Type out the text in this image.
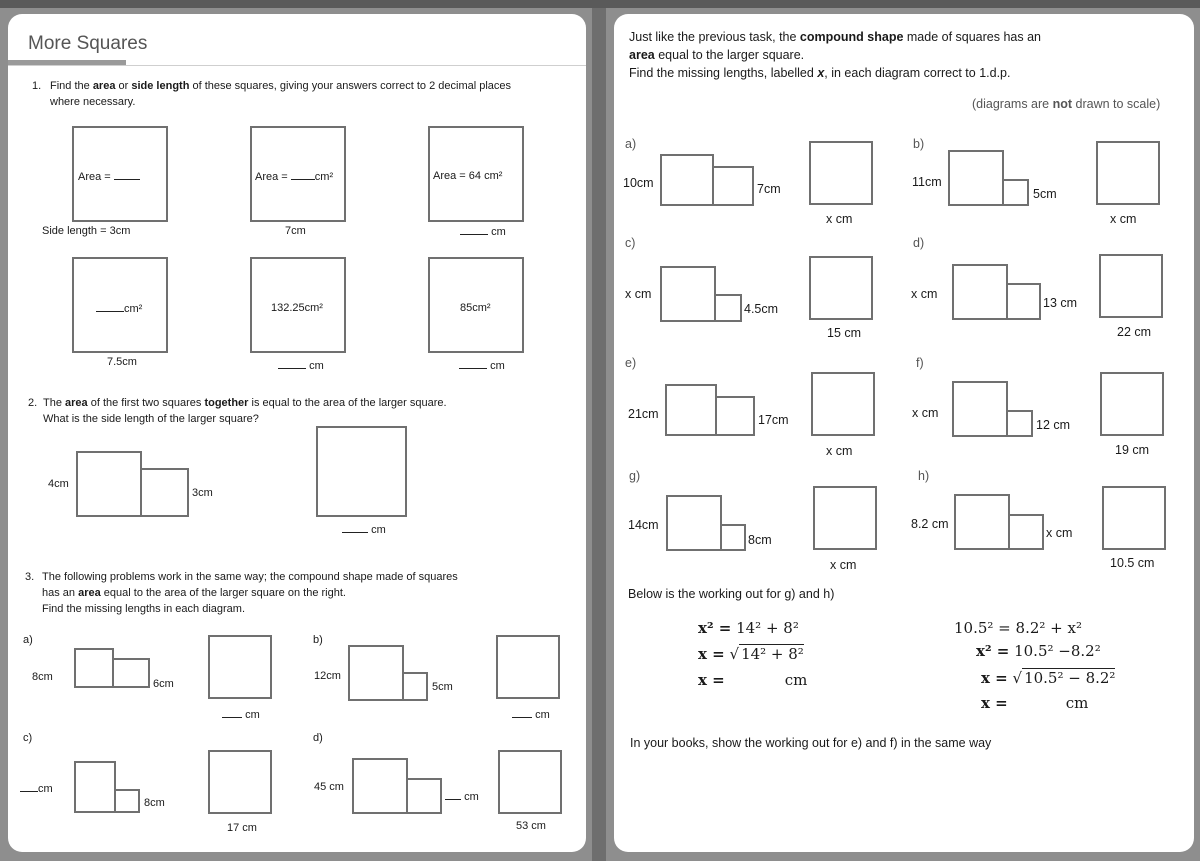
More Squares
1. Find the area or side length of these squares, giving your answers correct to 2 decimal places
where necessary.
Area =
Side length = 3cm
Area = cm²
7cm
Area = 64 cm²
cm
cm²
7.5cm
132.25cm²
cm
85cm²
cm
2. The area of the first two squares together is equal to the area of the larger square.
What is the side length of the larger square?
4cm
3cm
cm
3. The following problems work in the same way; the compound shape made of squares
has an area equal to the area of the larger square on the right.
Find the missing lengths in each diagram.
a)
8cm
6cm
cm
b)
12cm
5cm
cm
c)
cm
8cm
17 cm
d)
45 cm
cm
53 cm
Just like the previous task, the compound shape made of squares has an
area equal to the larger square.
Find the missing lengths, labelled x, in each diagram correct to 1.d.p.
(diagrams are not drawn to scale)
a)
10cm	7cm
x cm
b)
11cm
5cm
x cm
c)
x cm
4.5cm
15 cm
d)
x cm
13 cm
22 cm
e)
21cm	17cm
x cm
f)
x cm
12 cm
19 cm
g)
14cm
8cm
x cm
h)
8.2 cm
x cm
10.5 cm
Below is the working out for g) and h)
x² = 14² + 8²
x = √ 14² + 8²
x =	cm
10.5² = 8.2² + x²
x² = 10.5² −8.2²
x = √ 10.5² − 8.2²
x =	cm
In your books, show the working out for e) and f) in the same way
